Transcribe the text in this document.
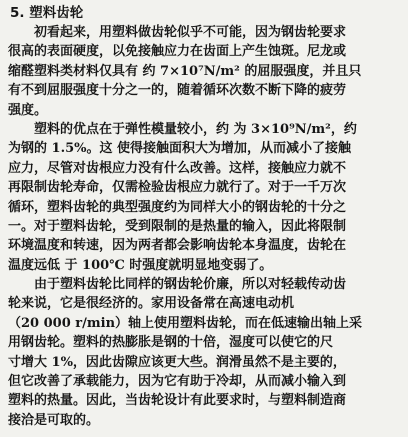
5. 塑料齿轮
初看起来，用塑料做齿轮似乎不可能，因为钢齿轮要求
很高的表面硬度，以免接触应力在齿面上产生蚀斑。尼龙或
缩醛塑料类材料仅具有 约 7×10⁷N/m² 的屈服强度，并且只
有不到屈服强度十分之一的，随着循环次数不断下降的疲劳
强度。
塑料的优点在于弹性模量较小，约 为 3×10⁹N/m²，约
为钢的 1.5%。这 使得接触面积大为增加，从而减小了接触
应力，尽管对齿根应力没有什么改善。这样，接触应力就不
再限制齿轮寿命，仅需检验齿根应力就行了。对于一千万次
循环，塑料齿轮的典型强度约为同样大小的钢齿轮的十分之
一。对于塑料齿轮，受到限制的是热量的输入，因此将限制
环境温度和转速，因为两者都会影响齿轮本身温度，齿轮在
温度远低 于 100℃ 时强度就明显地变弱了。
由于塑料齿轮比同样的钢齿轮价廉，所以对轻载传动齿
轮来说，它是很经济的。家用设备常在高速电动机
（20 000 r/min）轴上使用塑料齿轮，而在低速输出轴上采
用钢齿轮。塑料的热膨胀是钢的十倍，湿度可以使它的尺
寸增大 1%，因此齿隙应该更大些。润滑虽然不是主要的，
但它改善了承载能力，因为它有助于冷却，从而减小输入到
塑料的热量。因此，当齿轮设计有此要求时，与塑料制造商
接洽是可取的。
